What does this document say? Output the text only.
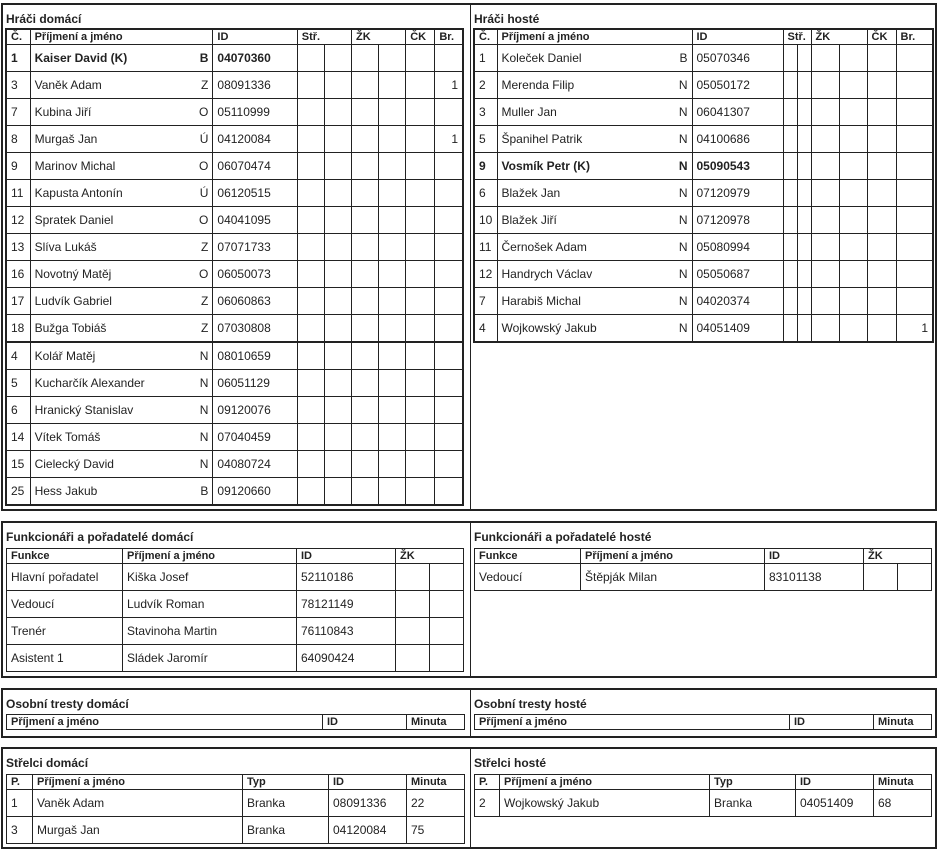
Hráči domácí
Č.	Příjmení a jméno	ID	Stř.	ŽK	ČK	Br.
1	Kaiser David (K) B	04070360				
3	Vaněk Adam Z	08091336				1
7	Kubina Jiří O	05110999				
8	Murgaš Jan Ú	04120084				1
9	Marinov Michal O	06070474				
11	Kapusta Antonín Ú	06120515				
12	Spratek Daniel O	04041095				
13	Slíva Lukáš Z	07071733				
16	Novotný Matěj O	06050073				
17	Ludvík Gabriel Z	06060863				
18	Bužga Tobiáš Z	07030808				
4	Kolář Matěj N	08010659				
5	Kucharčík Alexander N	06051129				
6	Hranický Stanislav N	09120076				
14	Vítek Tomáš N	07040459				
15	Cielecký David N	04080724				
25	Hess Jakub B	09120660				
Hráči hosté
Č.	Příjmení a jméno	ID	Stř.	ŽK	ČK	Br.
1	Koleček Daniel B	05070346				
2	Merenda Filip N	05050172				
3	Muller Jan N	06041307				
5	Španihel Patrik N	04100686				
9	Vosmík Petr (K) N	05090543				
6	Blažek Jan N	07120979				
10	Blažek Jiří N	07120978				
11	Černošek Adam N	05080994				
12	Handrych Václav N	05050687				
7	Harabiš Michal N	04020374				
4	Wojkowský Jakub N	04051409				1
Funkcionáři a pořadatelé domácí
Funkce	Příjmení a jméno	ID	ŽK	
Hlavní pořadatel	Kiška Josef	52110186		
Vedoucí	Ludvík Roman	78121149		
Trenér	Stavinoha Martin	76110843		
Asistent 1	Sládek Jaromír	64090424		
Funkcionáři a pořadatelé hosté
Funkce	Příjmení a jméno	ID	ŽK	
Vedoucí	Štěpják Milan	83101138		
Osobní tresty domácí
Příjmení a jméno	ID	Minuta
Osobní tresty hosté
Příjmení a jméno	ID	Minuta
Střelci domácí
P.	Příjmení a jméno	Typ	ID	Minuta
1	Vaněk Adam	Branka	08091336	22
3	Murgaš Jan	Branka	04120084	75
Střelci hosté
P.	Příjmení a jméno	Typ	ID	Minuta
2	Wojkowský Jakub	Branka	04051409	68
